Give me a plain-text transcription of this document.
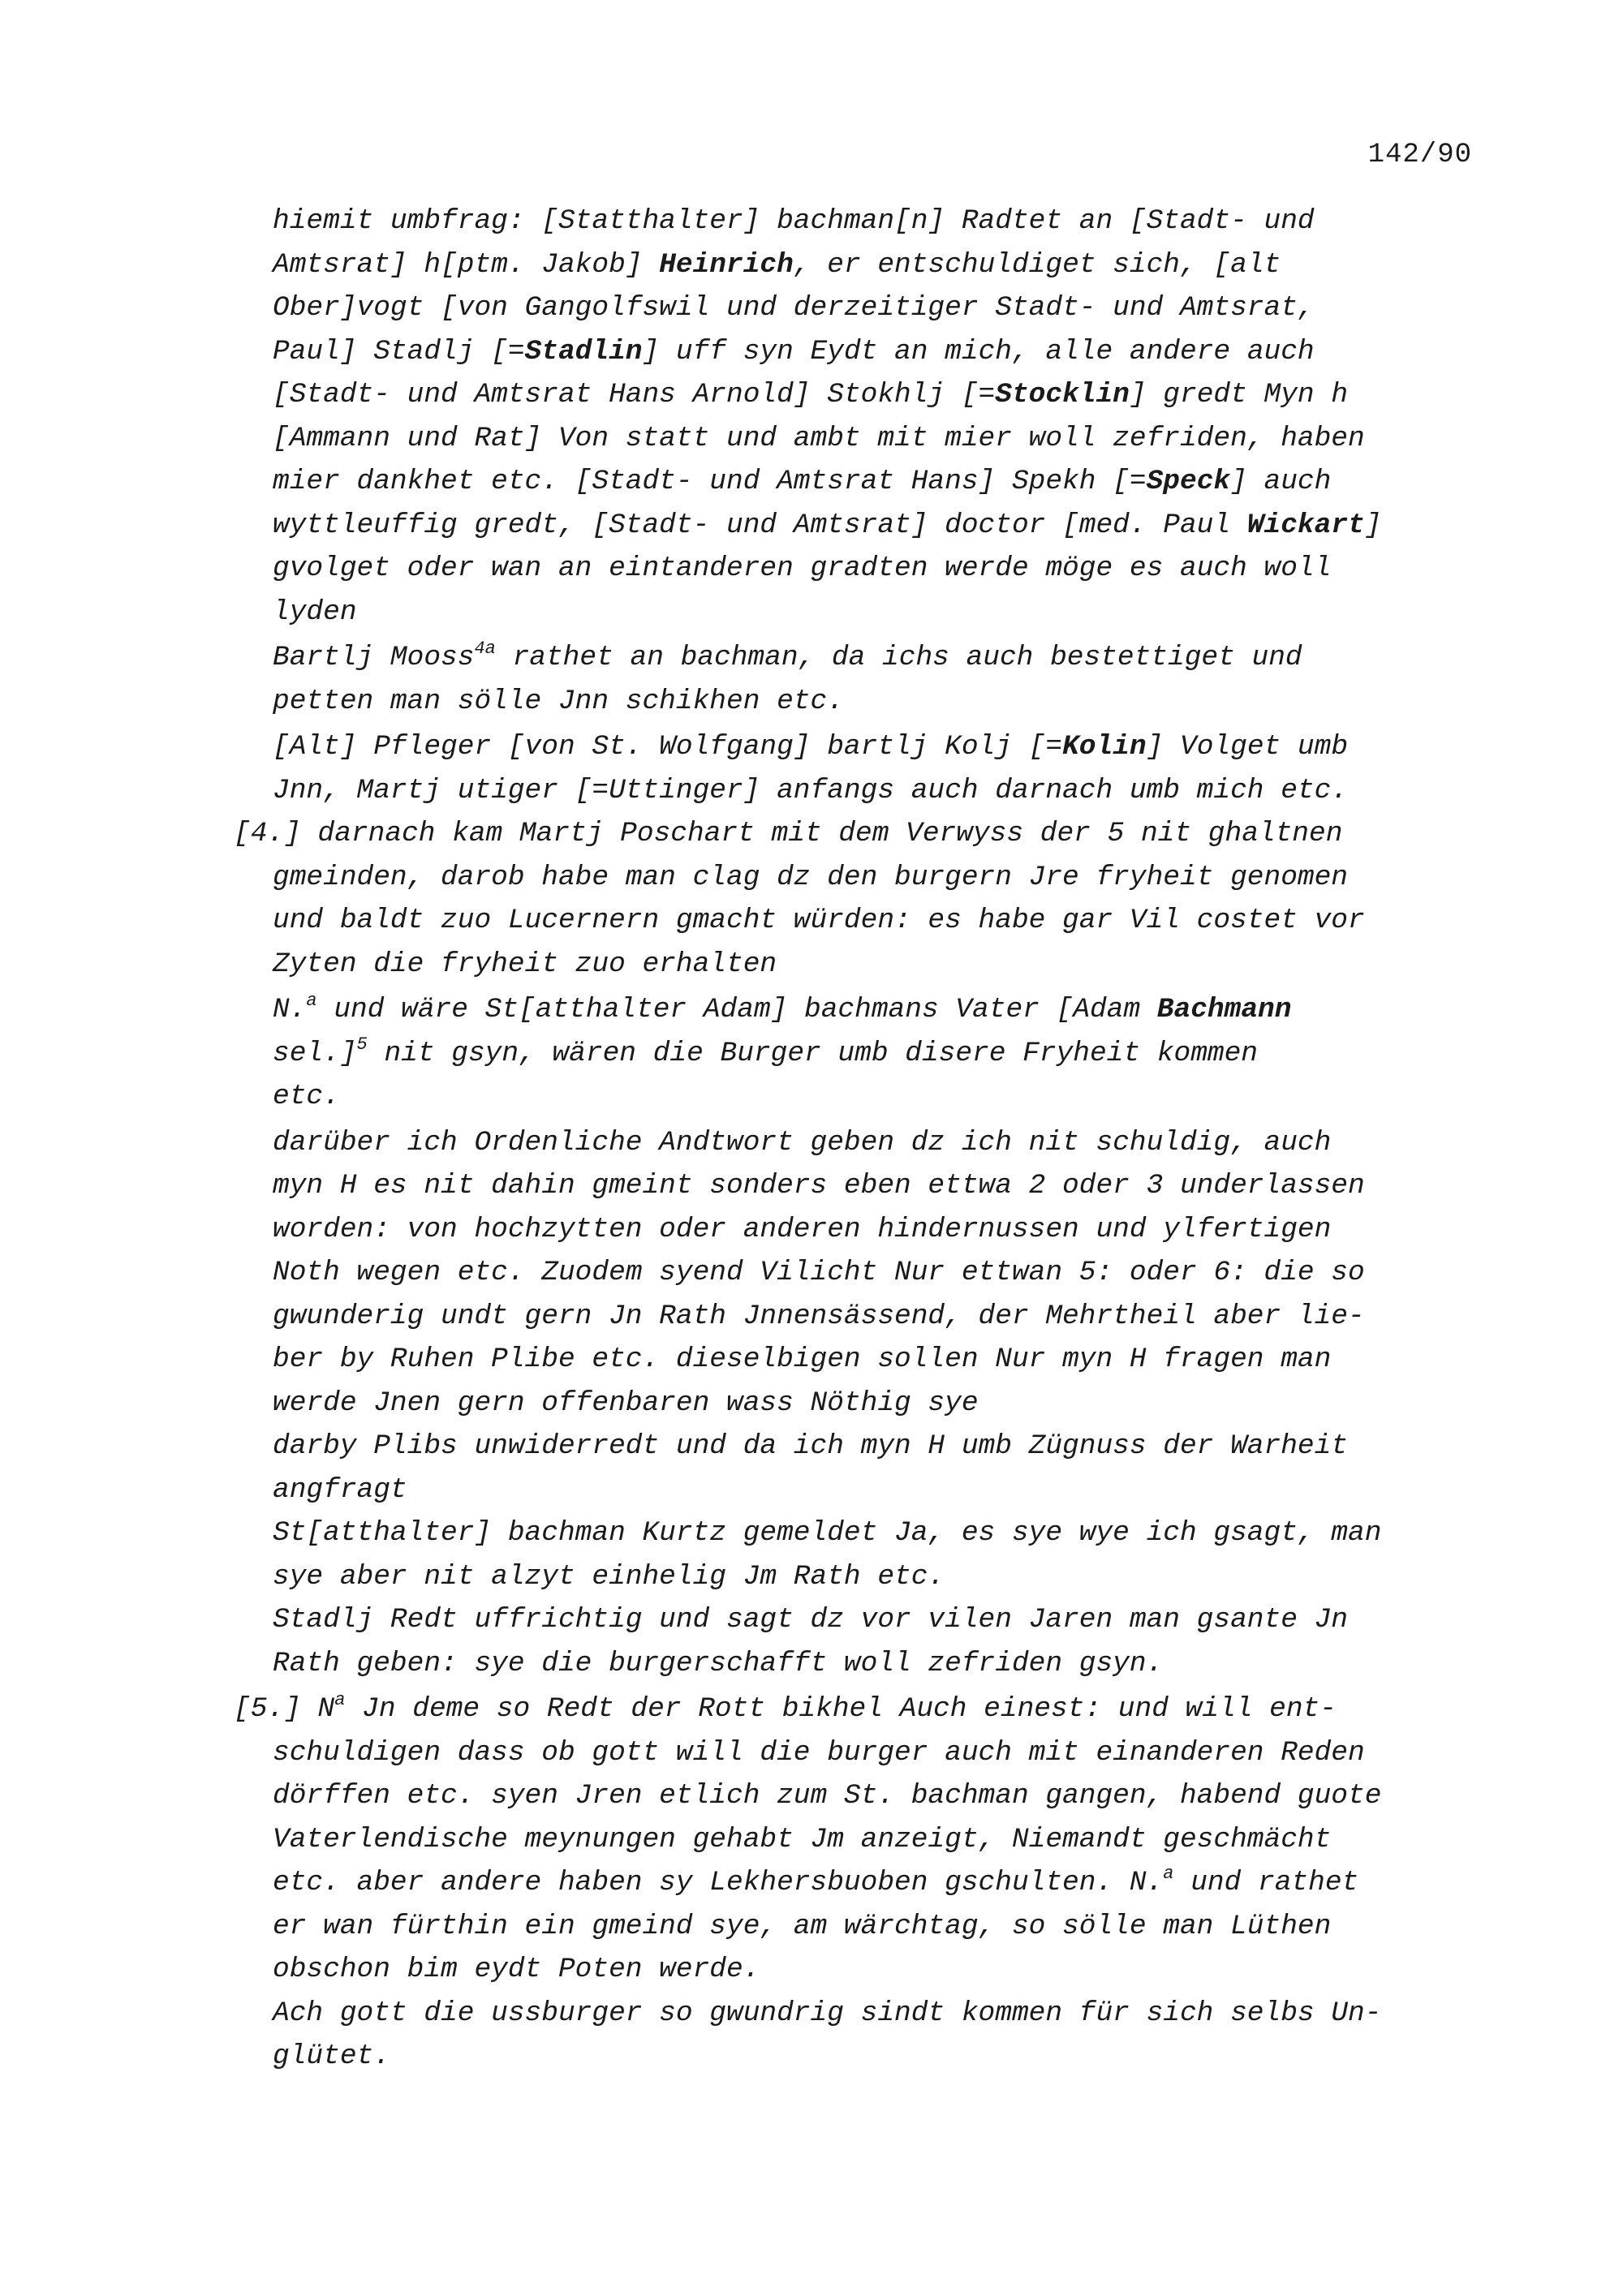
142/90
hiemit umbfrag: [Statthalter] bachman[n] Radtet an [Stadt- und
Amtsrat] h[ptm. Jakob] Heinrich, er entschuldiget sich, [alt
Ober]vogt [von Gangolfswil und derzeitiger Stadt- und Amtsrat,
Paul] Stadlj [=Stadlin] uff syn Eydt an mich, alle andere auch
[Stadt- und Amtsrat Hans Arnold] Stokhlj [=Stocklin] gredt Myn h
[Ammann und Rat] Von statt und ambt mit mier woll zefriden, haben
mier dankhet etc. [Stadt- und Amtsrat Hans] Spekh [=Speck] auch
wyttleuffig gredt, [Stadt- und Amtsrat] doctor [med. Paul Wickart]
gvolget oder wan an eintanderen gradten werde möge es auch woll
lyden
Bartlj Mooss$^{4a}$ rathet an bachman, da ichs auch bestettiget und
petten man sölle Jnn schikhen etc.
[Alt] Pfleger [von St. Wolfgang] bartlj Kolj [=Kolin] Volget umb
Jnn, Martj utiger [=Uttinger] anfangs auch darnach umb mich etc.
[4.] darnach kam Martj Poschart mit dem Verwyss der 5 nit ghaltnen
gmeinden, darob habe man clag dz den burgern Jre fryheit genomen
und baldt zuo Lucernern gmacht würden: es habe gar Vil costet vor
Zyten die fryheit zuo erhalten
N.$^a$ und wäre St[atthalter Adam] bachmans Vater [Adam Bachmann
sel.]$^5$ nit gsyn, wären die Burger umb disere Fryheit kommen
etc.
darüber ich Ordenliche Andtwort geben dz ich nit schuldig, auch
myn H es nit dahin gmeint sonders eben ettwa 2 oder 3 underlassen
worden: von hochzytten oder anderen hindernussen und ylfertigen
Noth wegen etc. Zuodem syend Vilicht Nur ettwan 5: oder 6: die so
gwunderig undt gern Jn Rath Jnnensässend, der Mehrtheil aber lie-
ber by Ruhen Plibe etc. dieselbigen sollen Nur myn H fragen man
werde Jnen gern offenbaren wass Nöthig sye
darby Plibs unwiderredt und da ich myn H umb Zügnuss der Warheit
angfragt
St[atthalter] bachman Kurtz gemeldet Ja, es sye wye ich gsagt, man
sye aber nit alzyt einhelig Jm Rath etc.
Stadlj Redt uffrichtig und sagt dz vor vilen Jaren man gsante Jn
Rath geben: sye die burgerschafft woll zefriden gsyn.
[5.] $N^a$ Jn deme so Redt der Rott bikhel Auch einest: und will ent-
schuldigen dass ob gott will die burger auch mit einanderen Reden
dörffen etc. syen Jren etlich zum St. bachman gangen, habend guote
Vaterlendische meynungen gehabt Jm anzeigt, Niemandt geschmächt
etc. aber andere haben sy Lekhersbuoben gschulten. N.$^a$ und rathet
er wan fürthin ein gmeind sye, am wärchtag, so sölle man Lüthen
obschon bim eydt Poten werde.
Ach gott die ussburger so gwundrig sindt kommen für sich selbs Un-
glütet.
